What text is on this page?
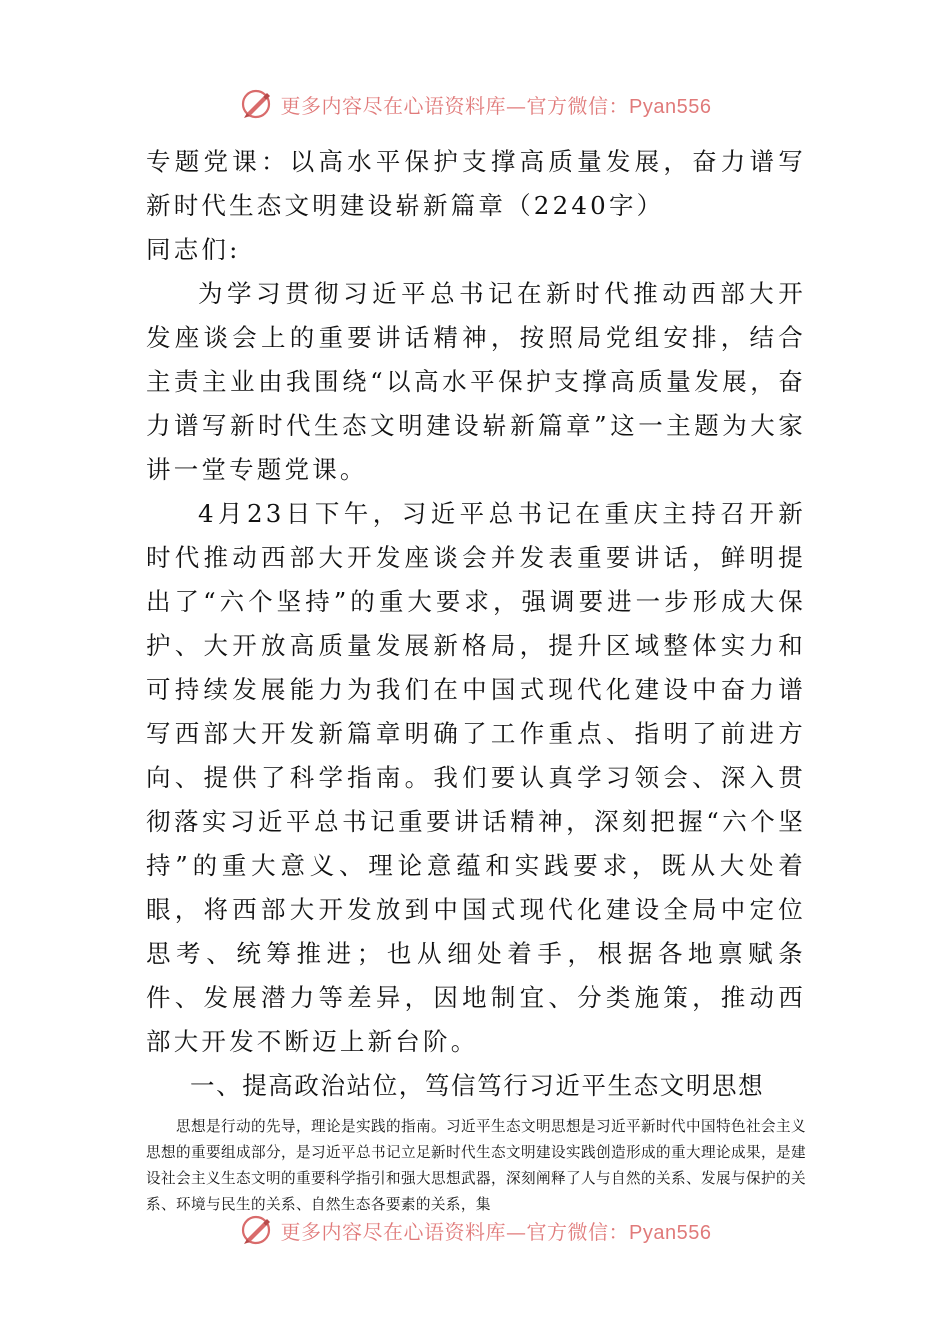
更多内容尽在心语资料库—官方微信：Pyan556

专题党课：以高水平保护支撑高质量发展，奋力谱写新时代生态文明建设崭新篇章（2240字）

同志们:

为学习贯彻习近平总书记在新时代推动西部大开发座谈会上的重要讲话精神，按照局党组安排，结合主责主业由我围绕“以高水平保护支撑高质量发展，奋力谱写新时代生态文明建设崭新篇章”这一主题为大家讲一堂专题党课。

4月23日下午，习近平总书记在重庆主持召开新时代推动西部大开发座谈会并发表重要讲话，鲜明提出了“六个坚持”的重大要求，强调要进一步形成大保护、大开放高质量发展新格局，提升区域整体实力和可持续发展能力为我们在中国式现代化建设中奋力谱写西部大开发新篇章明确了工作重点、指明了前进方向、提供了科学指南。我们要认真学习领会、深入贯彻落实习近平总书记重要讲话精神，深刻把握“六个坚持”的重大意义、理论意蕴和实践要求，既从大处着眼，将西部大开发放到中国式现代化建设全局中定位思考、统筹推进；也从细处着手，根据各地禀赋条件、发展潜力等差异，因地制宜、分类施策，推动西部大开发不断迈上新台阶。

一、提高政治站位，笃信笃行习近平生态文明思想

思想是行动的先导，理论是实践的指南。习近平生态文明思想是习近平新时代中国特色社会主义思想的重要组成部分，是习近平总书记立足新时代生态文明建设实践创造形成的重大理论成果，是建设社会主义生态文明的重要科学指引和强大思想武器，深刻阐释了人与自然的关系、发展与保护的关系、环境与民生的关系、自然生态各要素的关系，集

更多内容尽在心语资料库—官方微信：Pyan556
